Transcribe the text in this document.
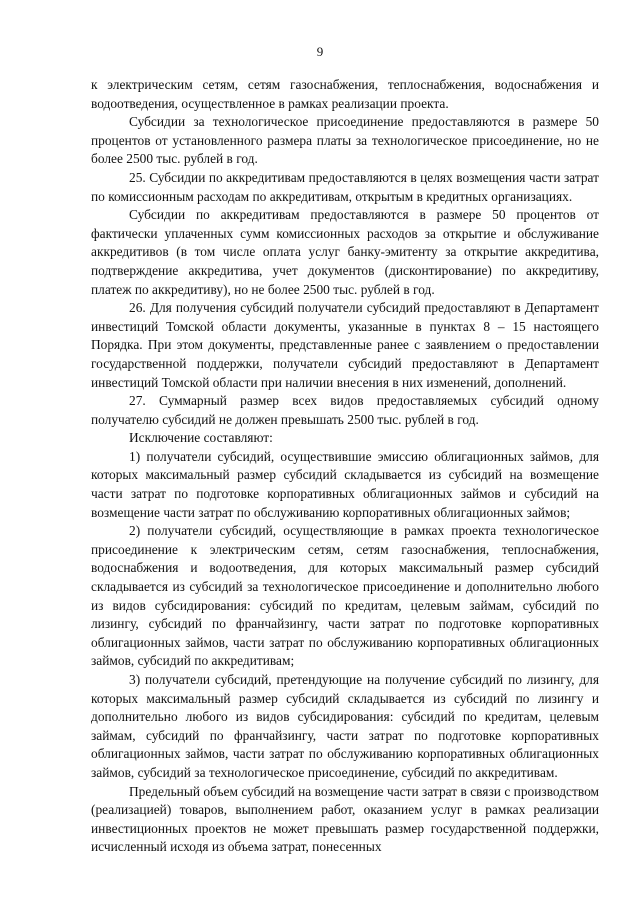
9

к электрическим сетям, сетям газоснабжения, теплоснабжения, водоснабжения и водоотведения, осуществленное в рамках реализации проекта.

Субсидии за технологическое присоединение предоставляются в размере 50 процентов от установленного размера платы за технологическое присоединение, но не более 2500 тыс. рублей в год.

25. Субсидии по аккредитивам предоставляются в целях возмещения части затрат по комиссионным расходам по аккредитивам, открытым в кредитных организациях.

Субсидии по аккредитивам предоставляются в размере 50 процентов от фактически уплаченных сумм комиссионных расходов за открытие и обслуживание аккредитивов (в том числе оплата услуг банку-эмитенту за открытие аккредитива, подтверждение аккредитива, учет документов (дисконтирование) по аккредитиву, платеж по аккредитиву), но не более 2500 тыс. рублей в год.

26. Для получения субсидий получатели субсидий предоставляют в Департамент инвестиций Томской области документы, указанные в пунктах 8 – 15 настоящего Порядка. При этом документы, представленные ранее с заявлением о предоставлении государственной поддержки, получатели субсидий предоставляют в Департамент инвестиций Томской области при наличии внесения в них изменений, дополнений.

27. Суммарный размер всех видов предоставляемых субсидий одному получателю субсидий не должен превышать 2500 тыс. рублей в год.

Исключение составляют:

1) получатели субсидий, осуществившие эмиссию облигационных займов, для которых максимальный размер субсидий складывается из субсидий на возмещение части затрат по подготовке корпоративных облигационных займов и субсидий на возмещение части затрат по обслуживанию корпоративных облигационных займов;

2) получатели субсидий, осуществляющие в рамках проекта технологическое присоединение к электрическим сетям, сетям газоснабжения, теплоснабжения, водоснабжения и водоотведения, для которых максимальный размер субсидий складывается из субсидий за технологическое присоединение и дополнительно любого из видов субсидирования: субсидий по кредитам, целевым займам, субсидий по лизингу, субсидий по франчайзингу, части затрат по подготовке корпоративных облигационных займов, части затрат по обслуживанию корпоративных облигационных займов, субсидий по аккредитивам;

3) получатели субсидий, претендующие на получение субсидий по лизингу, для которых максимальный размер субсидий складывается из субсидий по лизингу и дополнительно любого из видов субсидирования: субсидий по кредитам, целевым займам, субсидий по франчайзингу, части затрат по подготовке корпоративных облигационных займов, части затрат по обслуживанию корпоративных облигационных займов, субсидий за технологическое присоединение, субсидий по аккредитивам.

Предельный объем субсидий на возмещение части затрат в связи с производством (реализацией) товаров, выполнением работ, оказанием услуг в рамках реализации инвестиционных проектов не может превышать размер государственной поддержки, исчисленный исходя из объема затрат, понесенных
